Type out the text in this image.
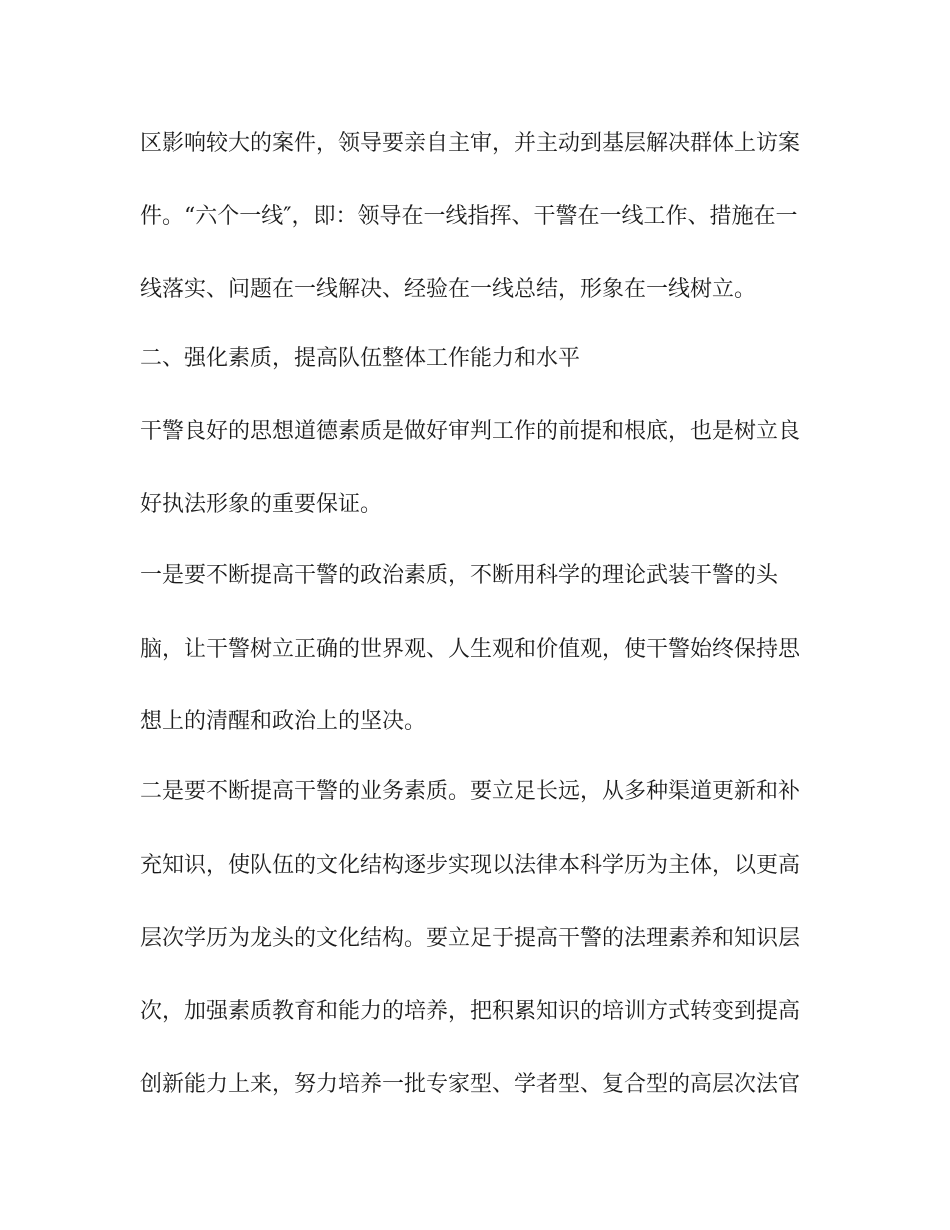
区影响较大的案件，领导要亲自主审，并主动到基层解决群体上访案
件。“六个一线″，即：领导在一线指挥、干警在一线工作、措施在一
线落实、问题在一线解决、经验在一线总结，形象在一线树立。
二、强化素质，提高队伍整体工作能力和水平
干警良好的思想道德素质是做好审判工作的前提和根底，也是树立良
好执法形象的重要保证。
一是要不断提高干警的政治素质，不断用科学的理论武装干警的头
脑，让干警树立正确的世界观、人生观和价值观，使干警始终保持思
想上的清醒和政治上的坚决。
二是要不断提高干警的业务素质。要立足长远，从多种渠道更新和补
充知识，使队伍的文化结构逐步实现以法律本科学历为主体，以更高
层次学历为龙头的文化结构。要立足于提高干警的法理素养和知识层
次，加强素质教育和能力的培养，把积累知识的培训方式转变到提高
创新能力上来，努力培养一批专家型、学者型、复合型的高层次法官
